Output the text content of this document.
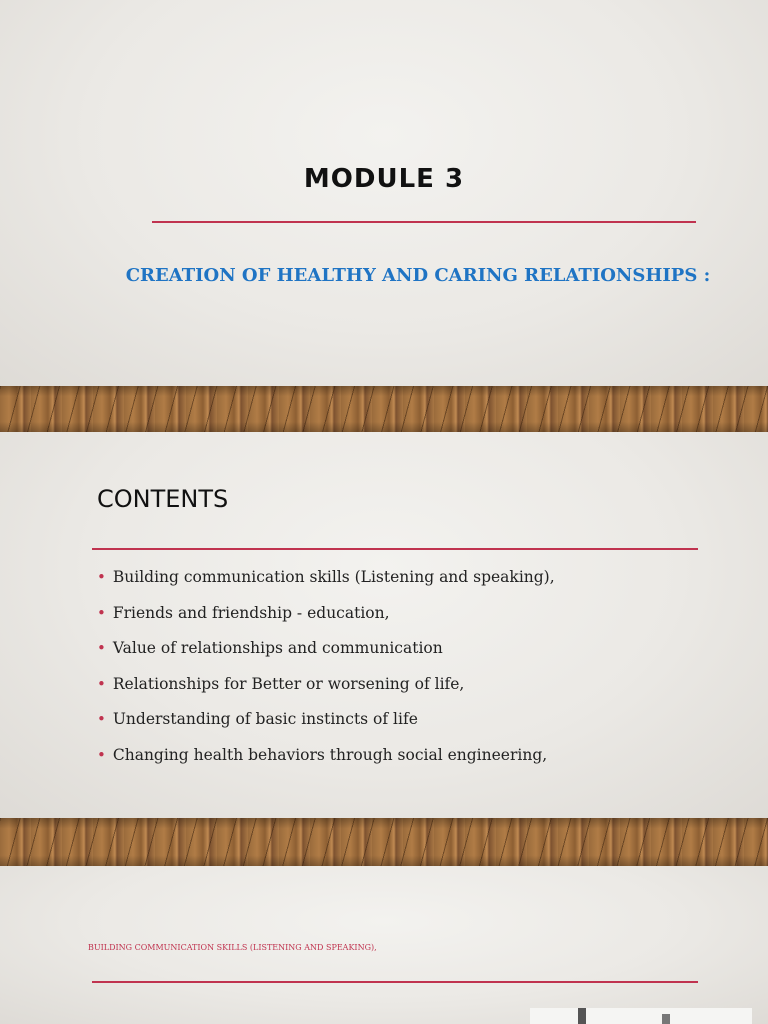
MODULE 3
CREATION OF HEALTHY AND CARING RELATIONSHIPS :
CONTENTS
• Building communication skills (Listening and speaking),
• Friends and friendship - education,
• Value of relationships and communication
• Relationships for Better or worsening of life,
• Understanding of basic instincts of life
• Changing health behaviors through social engineering,
BUILDING COMMUNICATION SKILLS (LISTENING AND SPEAKING),
